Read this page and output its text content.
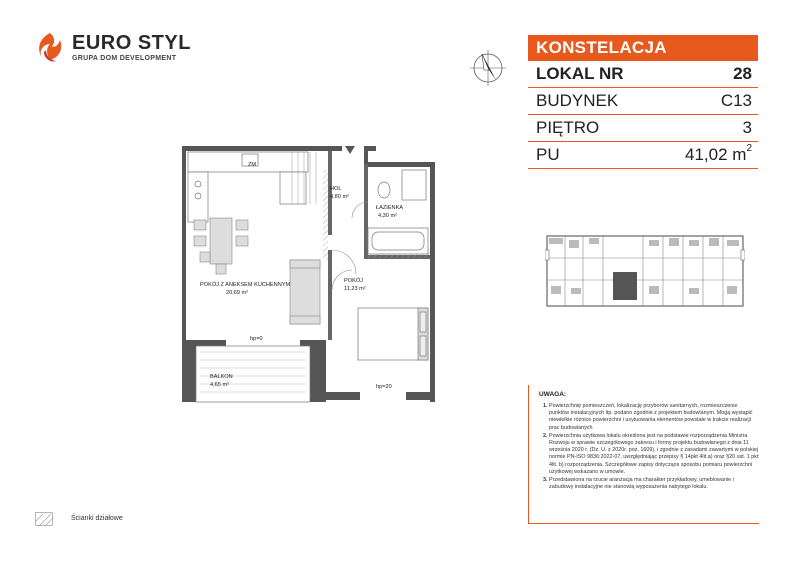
EURO STYL
GRUPA DOM DEVELOPMENT
KONSTELACJA
LOKAL NR	28
BUDYNEK	C13
PIĘTRO	3
PU	41,02 $m^2$
UWAGA:
1. Powierzchnię pomieszczeń, lokalizację przyborów sanitarnych, rozmieszczenie punktów instalacyjnych itp. podano zgodnie z projektem budowlanym. Mogą wystąpić niewielkie różnice powierzchni i usytuowania elementów powstałe w trakcie realizacji prac budowlanych
2. Powierzchnia użytkowa lokalu określona jest na podstawie rozporządzenia Ministra Rozwoju w sprawie szczegółowego zakresu i formy projektu budowlanego z dnia 11 września 2020 r. (Dz. U. z 2020r. poz. 1609), i zgodnie z zasadami zawartymi w polskiej normie PN-ISO 9836:2022-07, uwzględniając przepisy § 14pkt 4lit.a) oraz §20 ust. 1 pkt 4lit. b) rozporządzenia. Szczegółowe zapisy dotyczące sposobu pomiaru powierzchni użytkowej wskazano w umowie.
3. Przedstawiona na rzucie aranżacja ma charakter przykładowy, umeblowanie i zabudowy instalacyjne nie stanowią wyposażenia nabytego lokalu.
ZM
HOL
4,80 m²
ŁAZIENKA
4,30 m²
POKÓJ
11,23 m²
POKÓJ Z ANEKSEM KUCHENNYM
20,69 m²
hp=0
BALKON
4,65 m²	hp=20
Ścianki działowe
